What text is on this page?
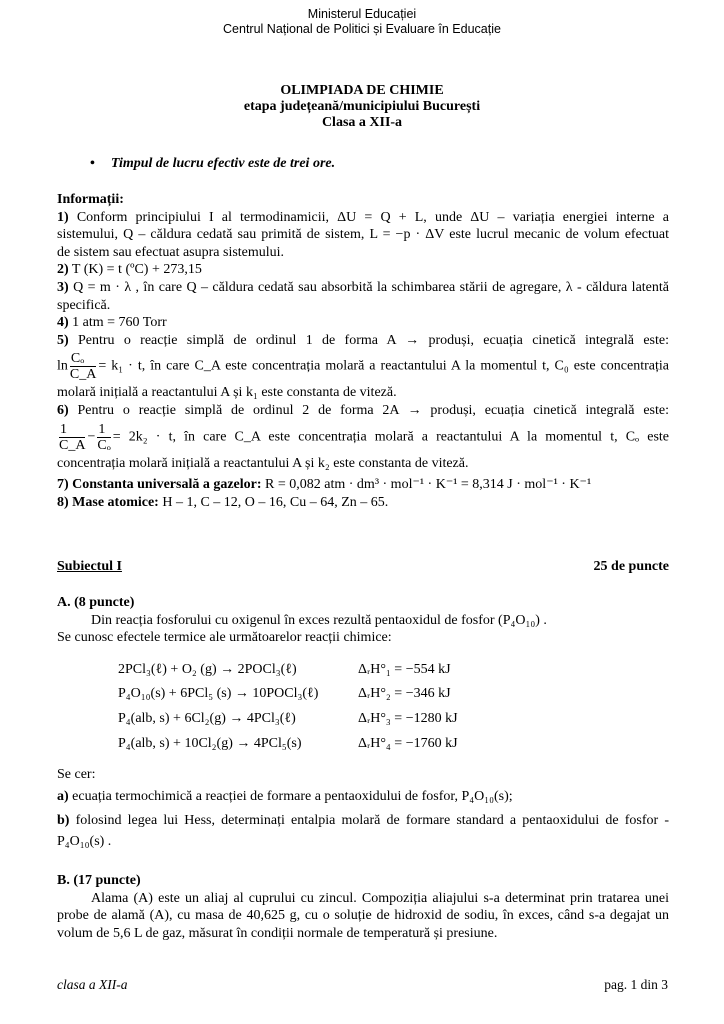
Ministerul Educației
Centrul Național de Politici și Evaluare în Educație
OLIMPIADA DE CHIMIE
etapa județeană/municipiului București
Clasa a XII-a
• Timpul de lucru efectiv este de trei ore.
Informații:
1) Conform principiului I al termodinamicii, ΔU = Q + L, unde ΔU – variația energiei interne a
sistemului, Q – căldura cedată sau primită de sistem, L = −p · ΔV este lucrul mecanic de volum efectuat
de sistem sau efectuat asupra sistemului.
2) T (K) = t (ºC) + 273,15
3) Q = m · λ , în care Q – căldura cedată sau absorbită la schimbarea stării de agregare, λ - căldura latentă
specifică.
4) 1 atm = 760 Torr
5) Pentru o reacție simplă de ordinul 1 de forma A → produși, ecuația cinetică integrală este:
$\ln \frac{\text{Cₒ}}{C\_A} = k_1 \cdot t$, în care C_A este concentrația molară a reactantului A la momentul t, C₀ este concentrația
molară inițială a reactantului A și k₁ este constanta de viteză.
6) Pentru o reacție simplă de ordinul 2 de forma 2A → produși, ecuația cinetică integrală este:
$\frac{1}{C\_A} - \frac{1}{\text{Cₒ}} = 2k_2 \cdot t$, în care C_A este concentrația molară a reactantului A la momentul t, Cₒ este
concentrația molară inițială a reactantului A și k₂ este constanta de viteză.
7) Constanta universală a gazelor: R = 0,082 atm · dm³ · mol⁻¹ · K⁻¹ = 8,314 J · mol⁻¹ · K⁻¹
8) Mase atomice: H – 1, C – 12, O – 16, Cu – 64, Zn – 65.
Subiectul I	25 de puncte
A. (8 puncte)
Din reacția fosforului cu oxigenul în exces rezultă pentaoxidul de fosfor (P₄O₁₀) .
Se cunosc efectele termice ale următoarelor reacții chimice:
2PCl₃(ℓ) + O₂ (g) → 2POCl₃(ℓ)	ΔᵣH°₁ = −554 kJ
P₄O₁₀(s) + 6PCl₅ (s) → 10POCl₃(ℓ)	ΔᵣH°₂ = −346 kJ
P₄(alb, s) + 6Cl₂(g) → 4PCl₃(ℓ)	ΔᵣH°₃ = −1280 kJ
P₄(alb, s) + 10Cl₂(g) → 4PCl₅(s)	ΔᵣH°₄ = −1760 kJ
Se cer:
a) ecuația termochimică a reacției de formare a pentaoxidului de fosfor, P₄O₁₀(s);
b) folosind legea lui Hess, determinați entalpia molară de formare standard a pentaoxidului de fosfor -
P₄O₁₀(s) .
B. (17 puncte)
Alama (A) este un aliaj al cuprului cu zincul. Compoziția aliajului s-a determinat prin tratarea unei
probe de alamă (A), cu masa de 40,625 g, cu o soluție de hidroxid de sodiu, în exces, când s-a degajat un
volum de 5,6 L de gaz, măsurat în condiții normale de temperatură și presiune.
clasa a XII-a	pag. 1 din 3
